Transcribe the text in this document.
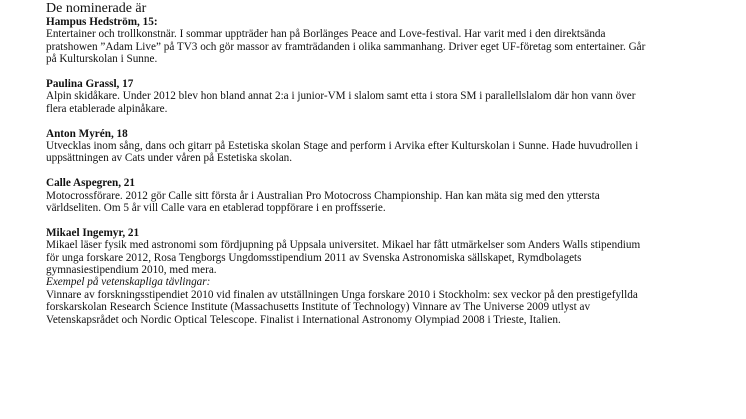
De nominerade är
Hampus Hedström, 15:
Entertainer och trollkonstnär. I sommar uppträder han på Borlänges Peace and Love-festival. Har varit med i den direktsända pratshowen ”Adam Live” på TV3 och gör massor av framträdanden i olika sammanhang. Driver eget UF-företag som entertainer. Går på Kulturskolan i Sunne.
Paulina Grassl, 17
Alpin skidåkare. Under 2012 blev hon bland annat 2:a i junior-VM i slalom samt etta i stora SM i parallellslalom där hon vann över flera etablerade alpinåkare.
Anton Myrén, 18
Utvecklas inom sång, dans och gitarr på Estetiska skolan Stage and perform i Arvika efter Kulturskolan i Sunne. Hade huvudrollen i uppsättningen av Cats under våren på Estetiska skolan.
Calle Aspegren, 21
Motocrossförare. 2012 gör Calle sitt första år i Australian Pro Motocross Championship. Han kan mäta sig med den yttersta världseliten. Om 5 år vill Calle vara en etablerad toppförare i en proffsserie.
Mikael Ingemyr, 21
Mikael läser fysik med astronomi som fördjupning på Uppsala universitet. Mikael har fått utmärkelser som Anders Walls stipendium för unga forskare 2012, Rosa Tengborgs Ungdomsstipendium 2011 av Svenska Astronomiska sällskapet, Rymdbolagets gymnasiestipendium 2010, med mera.
Exempel på vetenskapliga tävlingar:
Vinnare av forskningsstipendiet 2010 vid finalen av utställningen Unga forskare 2010 i Stockholm: sex veckor på den prestigefyllda forskarskolan Research Science Institute (Massachusetts Institute of Technology) Vinnare av The Universe 2009 utlyst av Vetenskapsrådet och Nordic Optical Telescope. Finalist i International Astronomy Olympiad 2008 i Trieste, Italien.
